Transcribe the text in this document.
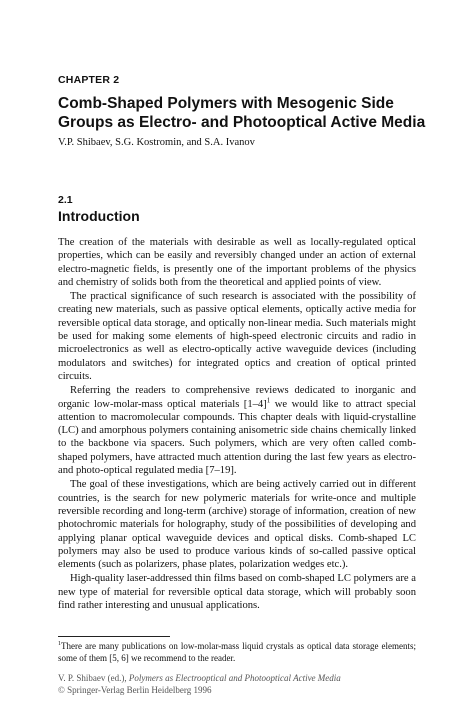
CHAPTER 2
Comb-Shaped Polymers with Mesogenic Side Groups as Electro- and Photooptical Active Media
V.P. Shibaev, S.G. Kostromin, and S.A. Ivanov
2.1
Introduction

The creation of the materials with desirable as well as locally-regulated optical properties, which can be easily and reversibly changed under an action of external electro-magnetic fields, is presently one of the important problems of the physics and chemistry of solids both from the theoretical and applied points of view.

The practical significance of such research is associated with the possibility of creating new materials, such as passive optical elements, optically active media for reversible optical data storage, and optically non-linear media. Such materials might be used for making some elements of high-speed electronic circuits and radio in microelectronics as well as electro-optically active waveguide devices (including modulators and switches) for integrated optics and creation of optical printed circuits.

Referring the readers to comprehensive reviews dedicated to inorganic and organic low-molar-mass optical materials [1–4]$^1$ we would like to attract special attention to macromolecular compounds. This chapter deals with liquid-crystalline (LC) and amorphous polymers containing anisometric side chains chemically linked to the backbone via spacers. Such polymers, which are very often called comb-shaped polymers, have attracted much attention during the last few years as electro- and photo-optical regulated media [7–19].

The goal of these investigations, which are being actively carried out in different countries, is the search for new polymeric materials for write-once and multiple reversible recording and long-term (archive) storage of information, creation of new photochromic materials for holography, study of the possibilities of developing and applying planar optical waveguide devices and optical disks. Comb-shaped LC polymers may also be used to produce various kinds of so-called passive optical elements (such as polarizers, phase plates, polarization wedges etc.).

High-quality laser-addressed thin films based on comb-shaped LC polymers are a new type of material for reversible optical data storage, which will probably soon find rather interesting and unusual applications.

$^1$There are many publications on low-molar-mass liquid crystals as optical data storage elements; some of them [5, 6] we recommend to the reader.
V. P. Shibaev (ed.), Polymers as Electrooptical and Photooptical Active Media
© Springer-Verlag Berlin Heidelberg 1996
